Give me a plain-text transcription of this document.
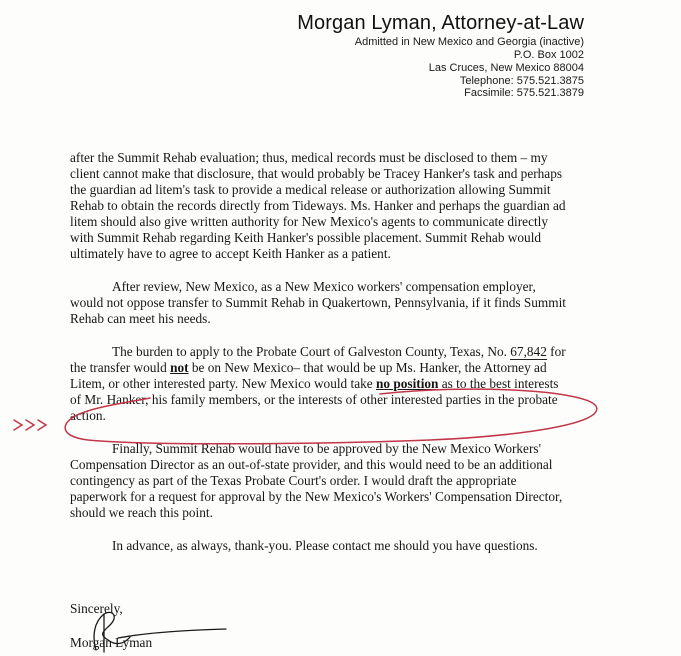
Morgan Lyman, Attorney-at-Law
Admitted in New Mexico and Georgia (inactive)
P.O. Box 1002
Las Cruces, New Mexico 88004
Telephone: 575.521.3875
Facsimile: 575.521.3879

after the Summit Rehab evaluation; thus, medical records must be disclosed to them – my client cannot make that disclosure, that would probably be Tracey Hanker's task and perhaps the guardian ad litem's task to provide a medical release or authorization allowing Summit Rehab to obtain the records directly from Tideways. Ms. Hanker and perhaps the guardian ad litem should also give written authority for New Mexico's agents to communicate directly with Summit Rehab regarding Keith Hanker's possible placement. Summit Rehab would ultimately have to agree to accept Keith Hanker as a patient.

After review, New Mexico, as a New Mexico workers' compensation employer, would not oppose transfer to Summit Rehab in Quakertown, Pennsylvania, if it finds Summit Rehab can meet his needs.

The burden to apply to the Probate Court of Galveston County, Texas, No. 67,842 for the transfer would not be on New Mexico– that would be up Ms. Hanker, the Attorney ad Litem, or other interested party. New Mexico would take no position as to the best interests of Mr. Hanker, his family members, or the interests of other interested parties in the probate action.

Finally, Summit Rehab would have to be approved by the New Mexico Workers' Compensation Director as an out-of-state provider, and this would need to be an additional contingency as part of the Texas Probate Court's order. I would draft the appropriate paperwork for a request for approval by the New Mexico's Workers' Compensation Director, should we reach this point.

In advance, as always, thank-you. Please contact me should you have questions.

Sincerely,
Morgan Lyman
